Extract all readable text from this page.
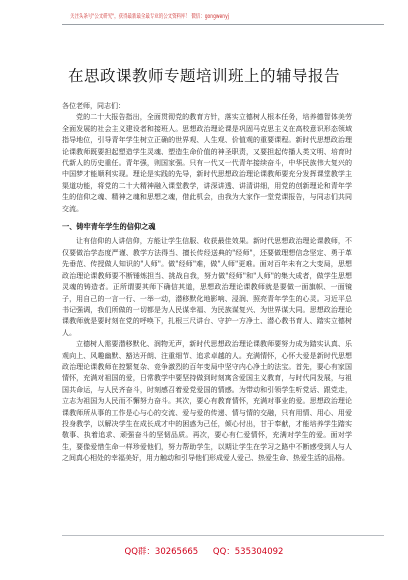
关注头条号"公文研究"，获得最新最全最专业的公文资料库！ 微信：gongwenyj
在思政课教师专题培训班上的辅导报告

各位老师，同志们：

党的二十大报告指出，全面贯彻党的教育方针，落实立德树人根本任务，培养德智体美劳全面发展的社会主义建设者和接班人。思想政治理论课是巩固马克思主义在高校意识形态领域指导地位，引导青年学生树立正确的世界观、人生观、价值观的重要课程。新时代思想政治理论课教师既要担起塑造学生灵魂、塑造生命价值的神圣职责，又要担起传播人类文明、培育时代新人的历史重任。青年强，则国家强。只有一代又一代青年接续奋斗，中华民族伟大复兴的中国梦才能顺利实现。理论是实践的先导，新时代思想政治理论课教师要充分发挥课堂教学主渠道功能，将党的二十大精神融入课堂教学，讲深讲透、讲清讲细，用党的创新理论和青年学生的信仰之魂、精神之魂和思想之魂，借此机会，由我为大家作一堂党课报告，与同志们共同交流。

一、铸牢青年学生的信仰之魂

让有信仰的人讲信仰，方能让学生信服、收获最佳效果。新时代思想政治理论课教师，不仅要做治学态度严谨、教学方法得当、擅长传经送典的"经师"，还要做理想信念坚定、勇于革先垂范、传授做人知识的"人师"。做"经师"难，做"人师"更难。面对百年未有之大变局，思想政治理论课教师要不断锤炼担当、挑战自我，努力做"经师"和"人师"的集大成者，做学生思想灵魂的铸造者。正所谓要其师下确信其道，思想政治理论课教师就是要做一面旗帜、一面镜子，用自己的一言一行、一举一动，潜移默化地影响、浸润、照亮青年学生的心灵。习近平总书记强调，我们所做的一切都是为人民谋幸福、为民族谋复兴、为世界谋大同。思想政治理论课教师就是要时刻在党的呼唤下，扎根三尺讲台、守护一方净土、潜心教书育人、踏实立德树人。

立德树人需要潜移默化、润物无声，新时代思想政治理论课教师要努力成为踏实认真、乐观向上、风趣幽默、豁达开朗、注重细节、追求卓越的人。充满情怀，心怀大爱是新时代思想政治理论课教师在控繁复杂、竞争激烈的百年变局中坚守内心净土的法宝。首先，要心有家国情怀，充满对祖国的爱，日常教学中要坚持做到时刻寓含爱国主义教育，与时代同发展，与祖国共命运，与人民齐奋斗，时刻感召着爱党爱国的情感。为带动和引领学生听党话、跟党走，立志为祖国为人民而不懈努力奋斗。其次，要心有教育情怀，充满对事业的爱。思想政治理论课教师所从事的工作是心与心的交流、爱与爱的传递、情与情的交融，只有用情、用心、用爱投身教学，以解决学生在成长成才中的困惑为己任，倾心付出，甘于奉献，才能培养学生踏实敬事、执着追求、顽强奋斗的坚韧品质。再次，要心有仁爱情怀，充满对学生的爱。面对学生，要像爱惜生命一样珍爱他们，努力帮助学生，以期让学生在学习之路中不断感受到人与人之间真心相处的幸福美好，用力触动和引导他们形成爱人爱己、热爱生命、热爱生活的品格。

QQ群：30265665 QQ：535304092
